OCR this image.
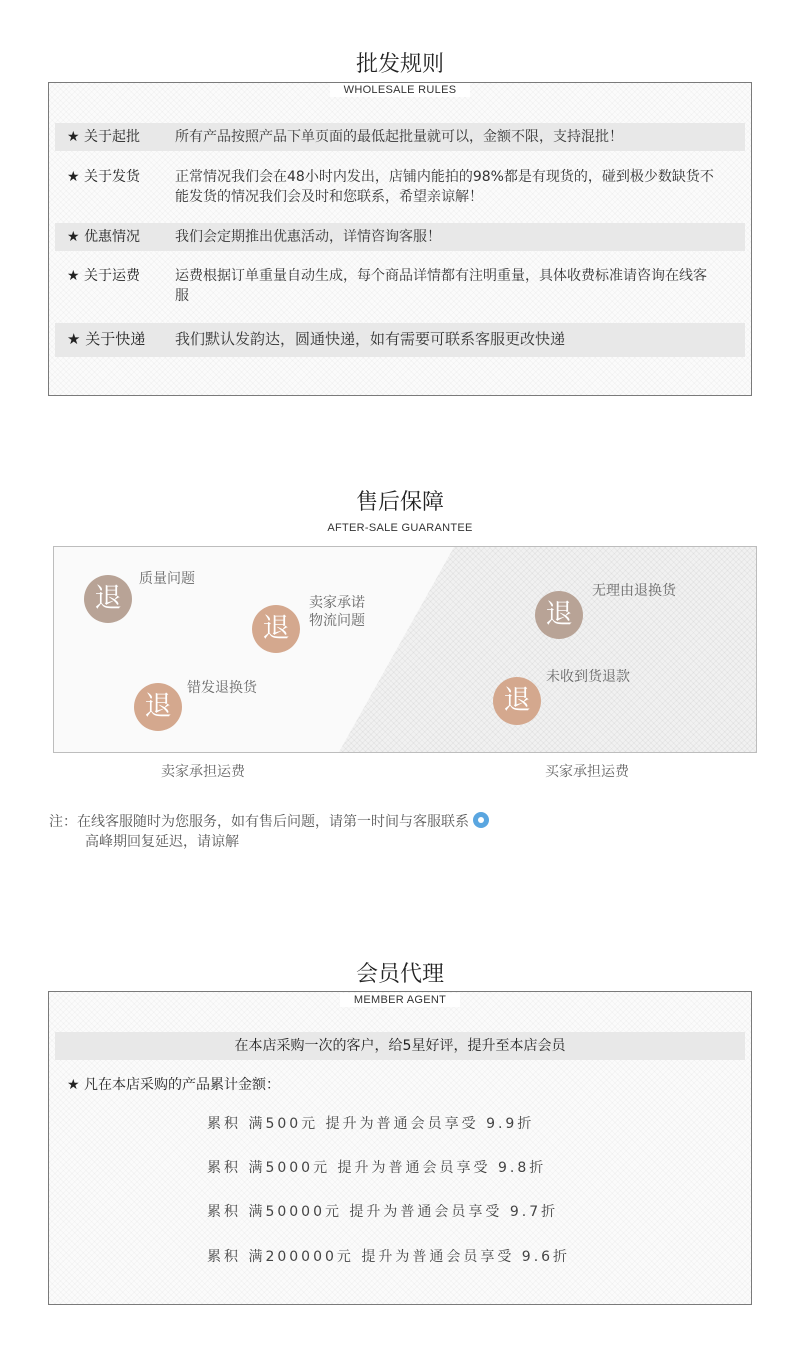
★ 关于起批 所有产品按照产品下单页面的最低起批量就可以，金额不限，支持混批！
★ 关于发货 正常情况我们会在48小时内发出，店铺内能拍的98%都是有现货的，碰到极少数缺货不能发货的情况我们会及时和您联系，希望亲谅解！
★ 优惠情况 我们会定期推出优惠活动，详情咨询客服！
★ 关于运费 运费根据订单重量自动生成，每个商品详情都有注明重量，具体收费标准请咨询在线客服
★ 关于快递 我们默认发韵达，圆通快递，如有需要可联系客服更改快递
批发规则
WHOLESALE RULES
售后保障
AFTER-SALE GUARANTEE
退
质量问题
退
卖家承诺
物流问题
退
错发退换货
退
无理由退换货
退
未收到货退款
卖家承担运费	买家承担运费
注：在线客服随时为您服务，如有售后问题，请第一时间与客服联系
高峰期回复延迟，请谅解
在本店采购一次的客户，给5星好评，提升至本店会员
★ 凡在本店采购的产品累计金额：
累积 满500元 提升为普通会员享受 9.9折
累积 满5000元 提升为普通会员享受 9.8折
累积 满50000元 提升为普通会员享受 9.7折
累积 满200000元 提升为普通会员享受 9.6折
会员代理
MEMBER AGENT
